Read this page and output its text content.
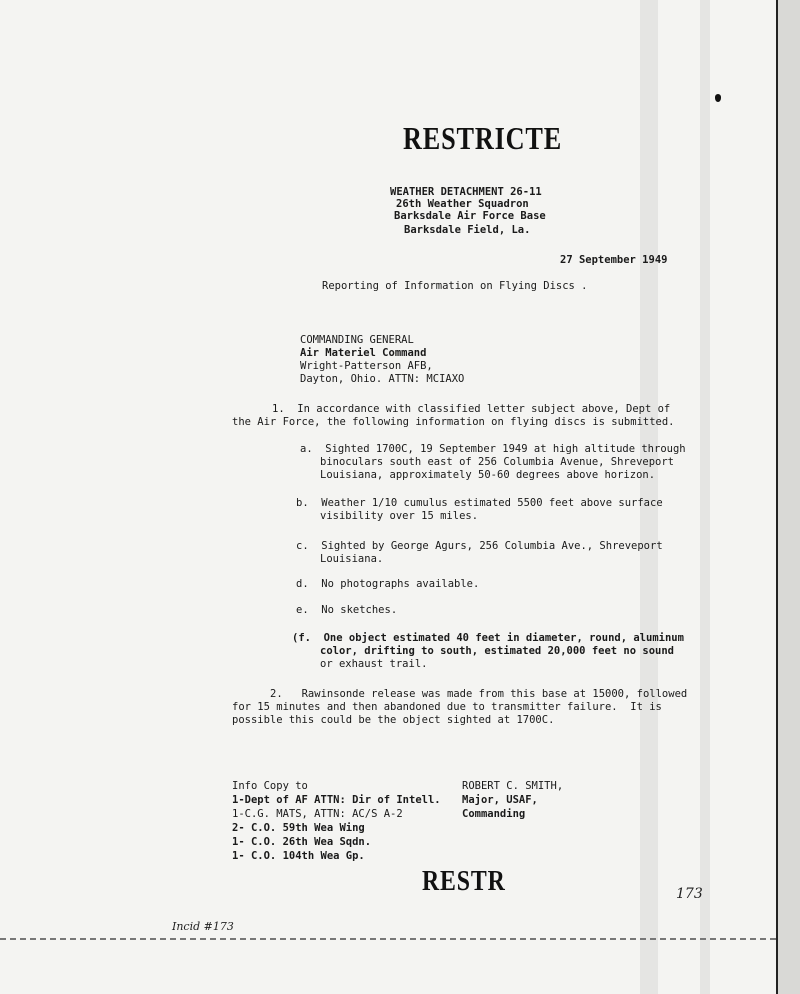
RESTRICTE
WEATHER DETACHMENT 26-11
26th Weather Squadron
Barksdale Air Force Base
Barksdale Field, La.
27 September 1949
Reporting of Information on Flying Discs .
COMMANDING GENERAL
Air Materiel Command
Wright-Patterson AFB,
Dayton, Ohio. ATTN: MCIAXO
1.  In accordance with classified letter subject above, Dept of
the Air Force, the following information on flying discs is submitted.
a.  Sighted 1700C, 19 September 1949 at high altitude through
binoculars south east of 256 Columbia Avenue, Shreveport
Louisiana, approximately 50-60 degrees above horizon.
b.  Weather 1/10 cumulus estimated 5500 feet above surface
visibility over 15 miles.
c.  Sighted by George Agurs, 256 Columbia Ave., Shreveport
Louisiana.
d.  No photographs available.
e.  No sketches.
(f.  One object estimated 40 feet in diameter, round, aluminum
color, drifting to south, estimated 20,000 feet no sound
or exhaust trail.
2.   Rawinsonde release was made from this base at 15000, followed
for 15 minutes and then abandoned due to transmitter failure.  It is
possible this could be the object sighted at 1700C.
Info Copy to
1-Dept of AF ATTN: Dir of Intell.
1-C.G. MATS, ATTN: AC/S A-2
2- C.O. 59th Wea Wing
1- C.O. 26th Wea Sqdn.
1- C.O. 104th Wea Gp.
ROBERT C. SMITH,
Major, USAF,
Commanding
RESTR	173
Incid #173
